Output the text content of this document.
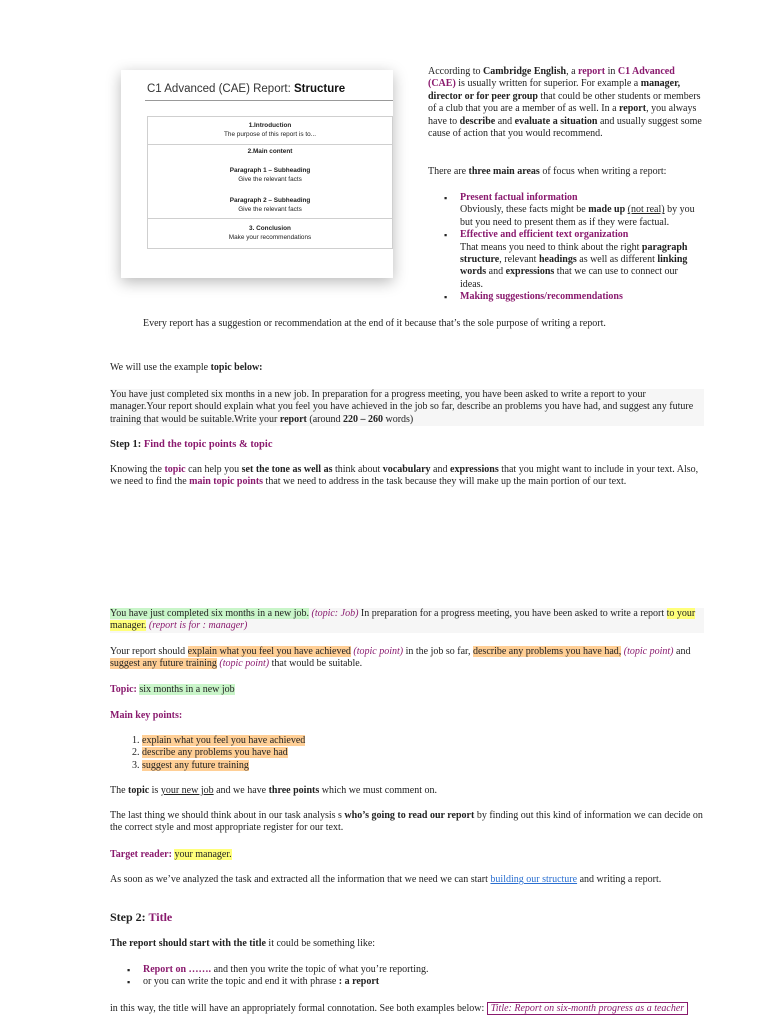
C1 Advanced (CAE) Report: Structure
1.Introduction
The purpose of this report is to...
2.Main content
Paragraph 1 – Subheading
Give the relevant facts
Paragraph 2 – Subheading
Give the relevant facts
3. Conclusion
Make your recommendations
According to Cambridge English, a report in C1 Advanced (CAE) is usually written for superior. For example a manager, director or for peer group that could be other students or members of a club that you are a member of as well. In a report, you always have to describe and evaluate a situation and usually suggest some cause of action that you would recommend.
There are three main areas of focus when writing a report:
▪ Present factual information
Obviously, these facts might be made up (not real) by you but you need to present them as if they were factual.
▪ Effective and efficient text organization
That means you need to think about the right paragraph structure, relevant headings as well as different linking words and expressions that we can use to connect our ideas.
▪ Making suggestions/recommendations
Every report has a suggestion or recommendation at the end of it because that’s the sole purpose of writing a report.
We will use the example topic below:
You have just completed six months in a new job. In preparation for a progress meeting, you have been asked to write a report to your manager.Your report should explain what you feel you have achieved in the job so far, describe an problems you have had, and suggest any future training that would be suitable.Write your report (around 220 – 260 words)
Step 1: Find the topic points & topic
Knowing the topic can help you set the tone as well as think about vocabulary and expressions that you might want to include in your text. Also, we need to find the main topic points that we need to address in the task because they will make up the main portion of our text.
You have just completed six months in a new job. (topic: Job) In preparation for a progress meeting, you have been asked to write a report to your manager. (report is for : manager)
Your report should explain what you feel you have achieved (topic point) in the job so far, describe any problems you have had, (topic point) and suggest any future training (topic point) that would be suitable.
Topic: six months in a new job
Main key points:
1. explain what you feel you have achieved
2. describe any problems you have had
3. suggest any future training
The topic is your new job and we have three points which we must comment on.
The last thing we should think about in our task analysis s who’s going to read our report by finding out this kind of information we can decide on the correct style and most appropriate register for our text.
Target reader: your manager.
As soon as we’ve analyzed the task and extracted all the information that we need we can start building our structure and writing a report.
Step 2: Title
The report should start with the title it could be something like:
▪ Report on ……. and then you write the topic of what you’re reporting.
▪ or you can write the topic and end it with phrase : a report
in this way, the title will have an appropriately formal connotation. See both examples below: Title: Report on six-month progress as a teacher
